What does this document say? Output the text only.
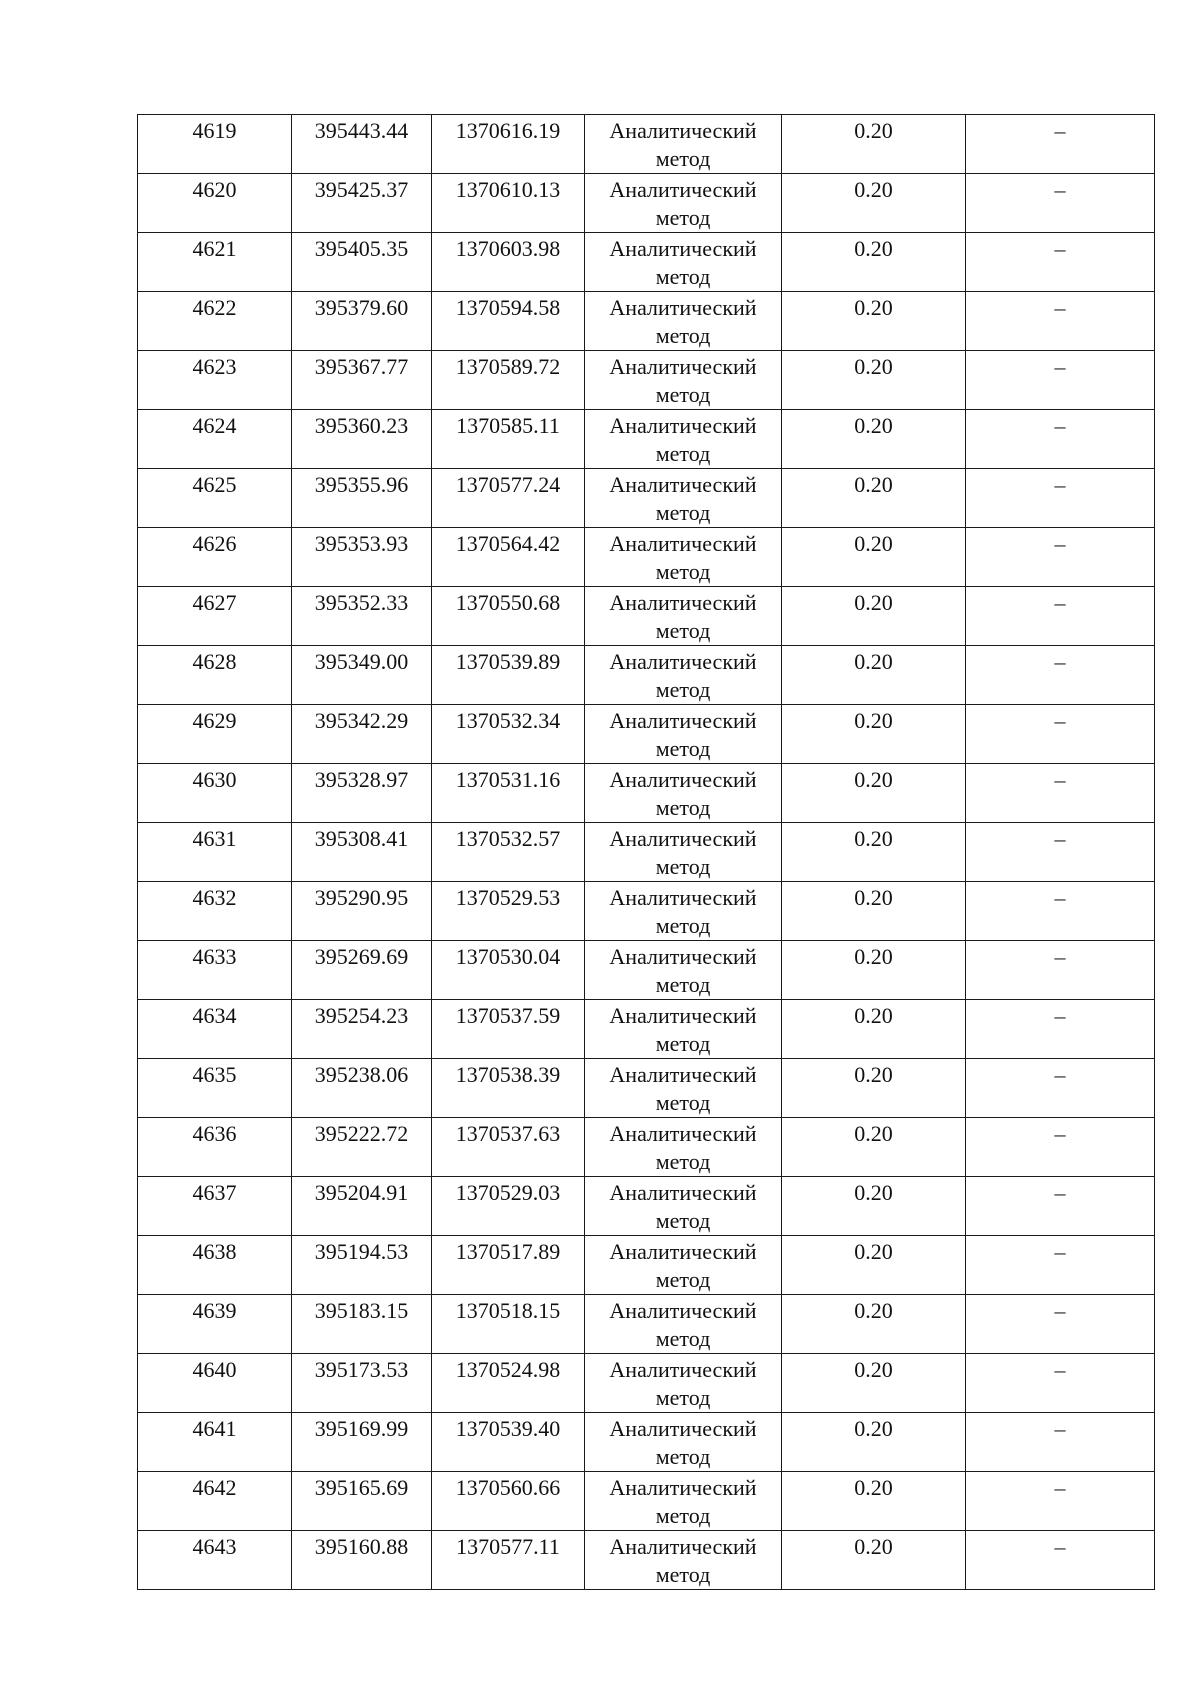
4619	395443.44	1370616.19	Аналитический метод	0.20	–

4620	395425.37	1370610.13	Аналитический метод	0.20	–

4621	395405.35	1370603.98	Аналитический метод	0.20	–

4622	395379.60	1370594.58	Аналитический метод	0.20	–

4623	395367.77	1370589.72	Аналитический метод	0.20	–

4624	395360.23	1370585.11	Аналитический метод	0.20	–

4625	395355.96	1370577.24	Аналитический метод	0.20	–

4626	395353.93	1370564.42	Аналитический метод	0.20	–

4627	395352.33	1370550.68	Аналитический метод	0.20	–

4628	395349.00	1370539.89	Аналитический метод	0.20	–

4629	395342.29	1370532.34	Аналитический метод	0.20	–

4630	395328.97	1370531.16	Аналитический метод	0.20	–

4631	395308.41	1370532.57	Аналитический метод	0.20	–

4632	395290.95	1370529.53	Аналитический метод	0.20	–

4633	395269.69	1370530.04	Аналитический метод	0.20	–

4634	395254.23	1370537.59	Аналитический метод	0.20	–

4635	395238.06	1370538.39	Аналитический метод	0.20	–

4636	395222.72	1370537.63	Аналитический метод	0.20	–

4637	395204.91	1370529.03	Аналитический метод	0.20	–

4638	395194.53	1370517.89	Аналитический метод	0.20	–

4639	395183.15	1370518.15	Аналитический метод	0.20	–

4640	395173.53	1370524.98	Аналитический метод	0.20	–

4641	395169.99	1370539.40	Аналитический метод	0.20	–

4642	395165.69	1370560.66	Аналитический метод	0.20	–

4643	395160.88	1370577.11	Аналитический метод	0.20	–
